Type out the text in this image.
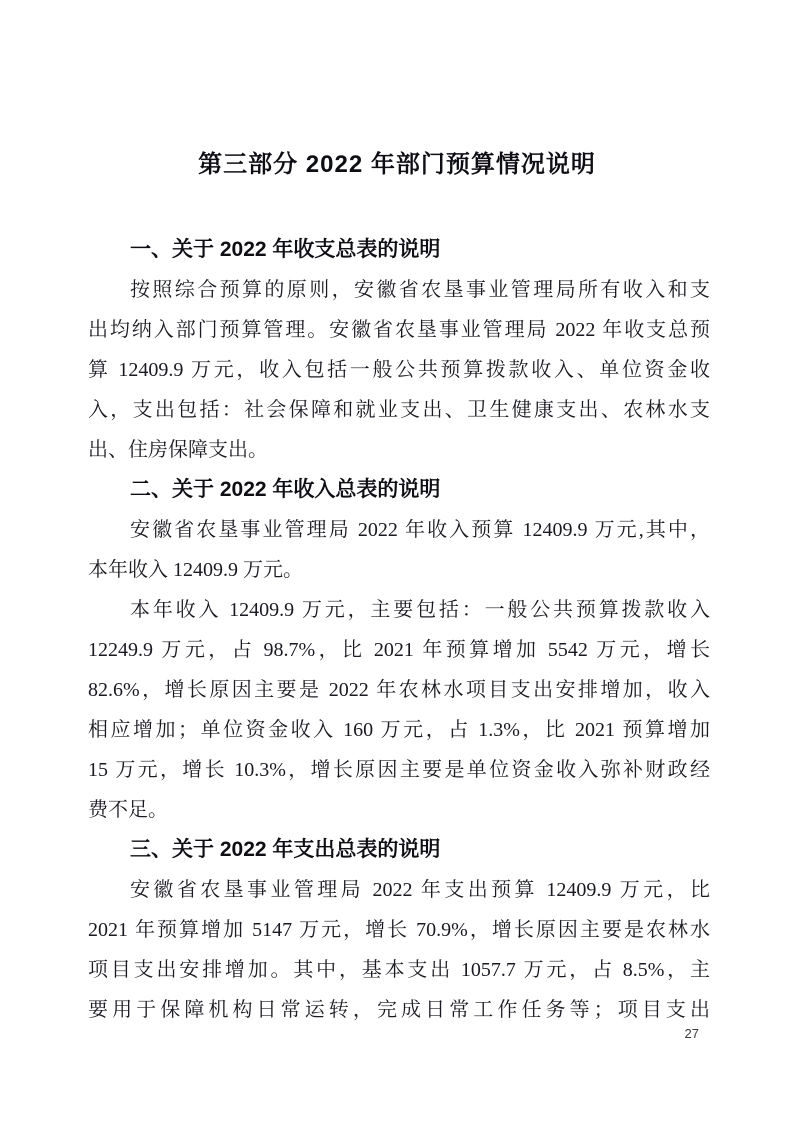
第三部分 2022 年部门预算情况说明
一、关于 2022 年收支总表的说明
按照综合预算的原则，安徽省农垦事业管理局所有收入和支
出均纳入部门预算管理。安徽省农垦事业管理局 2022 年收支总预
算 12409.9 万元，收入包括一般公共预算拨款收入、单位资金收
入，支出包括：社会保障和就业支出、卫生健康支出、农林水支
出、住房保障支出。
二、关于 2022 年收入总表的说明
安徽省农垦事业管理局 2022 年收入预算 12409.9 万元,其中，
本年收入 12409.9 万元。
本年收入 12409.9 万元，主要包括：一般公共预算拨款收入
12249.9 万元，占 98.7%，比 2021 年预算增加 5542 万元，增长
82.6%，增长原因主要是 2022 年农林水项目支出安排增加，收入
相应增加；单位资金收入 160 万元，占 1.3%，比 2021 预算增加
15 万元，增长 10.3%，增长原因主要是单位资金收入弥补财政经
费不足。
三、关于 2022 年支出总表的说明
安徽省农垦事业管理局 2022 年支出预算 12409.9 万元，比
2021 年预算增加 5147 万元，增长 70.9%，增长原因主要是农林水
项目支出安排增加。其中，基本支出 1057.7 万元，占 8.5%，主
要用于保障机构日常运转，完成日常工作任务等；项目支出
27
